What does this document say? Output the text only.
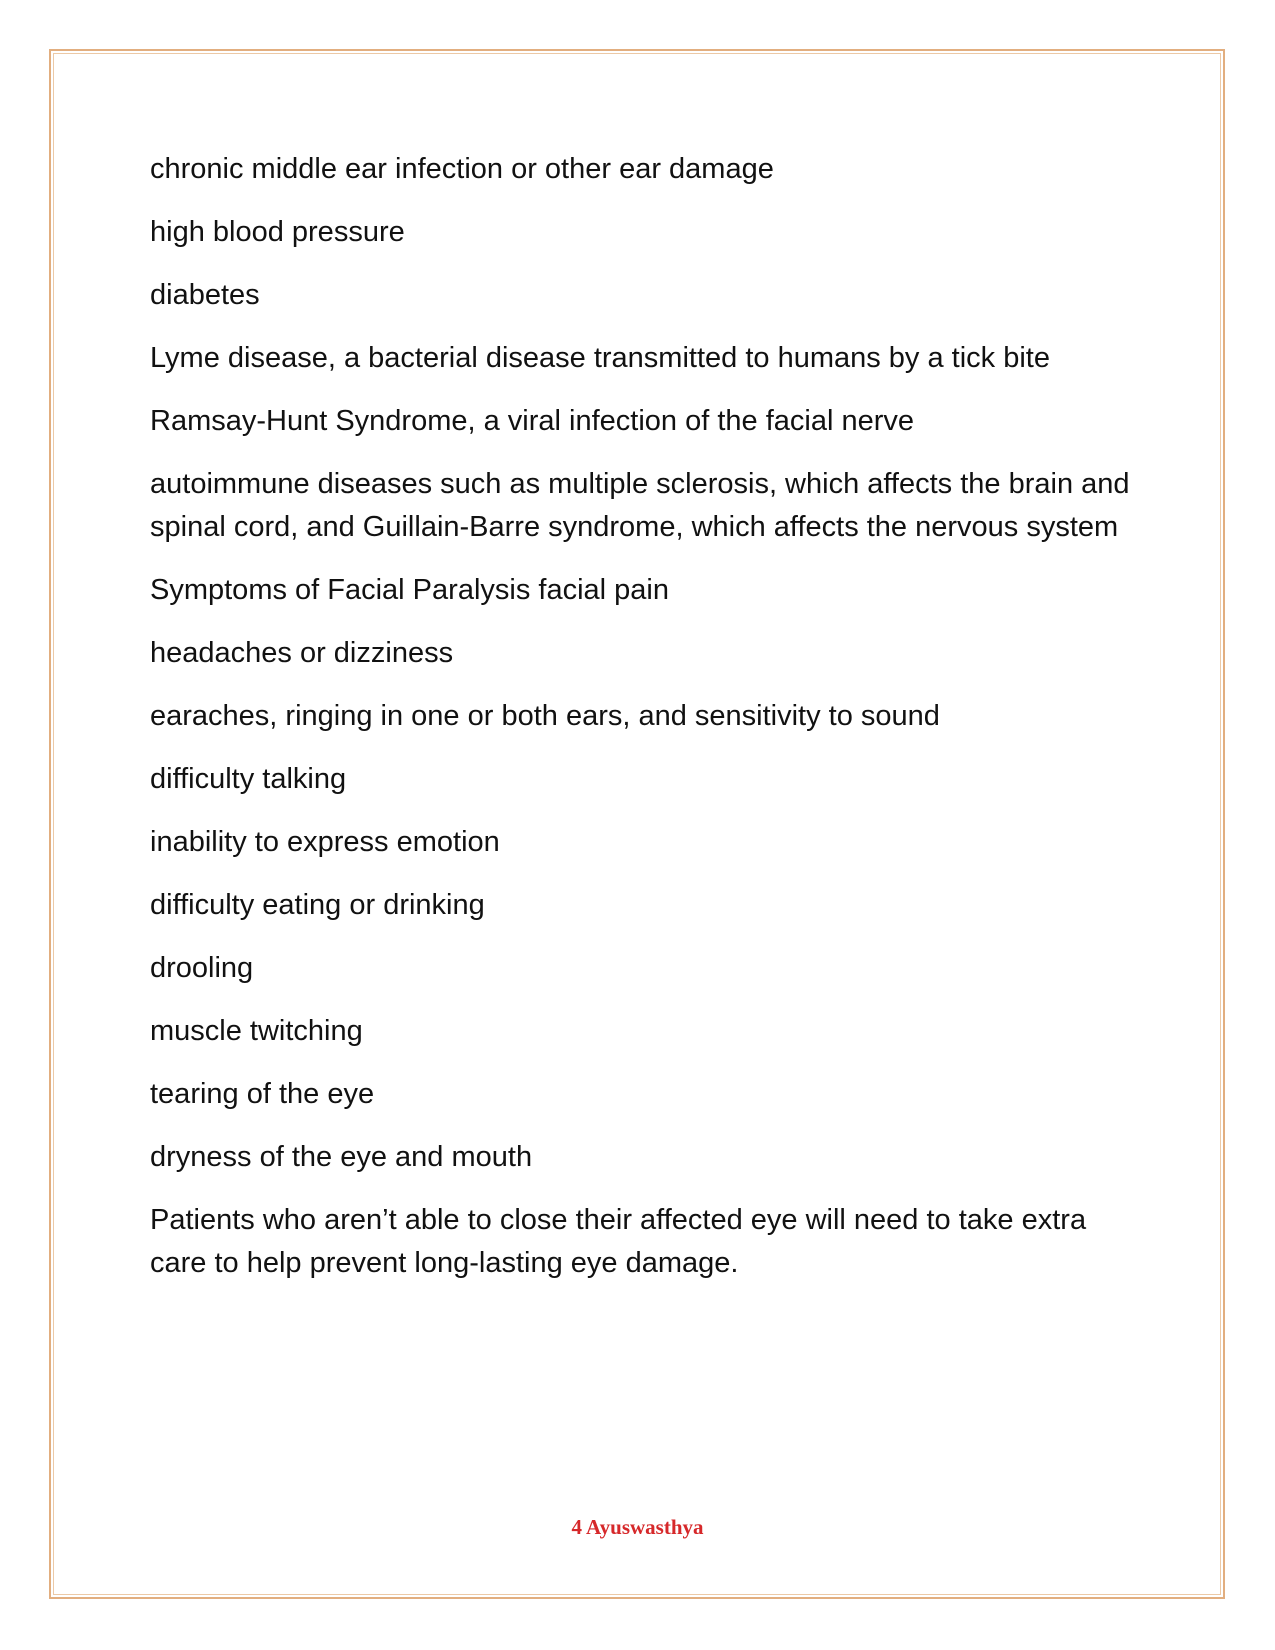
chronic middle ear infection or other ear damage

high blood pressure

diabetes

Lyme disease, a bacterial disease transmitted to humans by a tick bite

Ramsay-Hunt Syndrome, a viral infection of the facial nerve

autoimmune diseases such as multiple sclerosis, which affects the brain and spinal cord, and Guillain-Barre syndrome, which affects the nervous system

Symptoms of Facial Paralysis facial pain

headaches or dizziness

earaches, ringing in one or both ears, and sensitivity to sound

difficulty talking

inability to express emotion

difficulty eating or drinking

drooling

muscle twitching

tearing of the eye

dryness of the eye and mouth

Patients who aren’t able to close their affected eye will need to take extra care to help prevent long-lasting eye damage.

4 Ayuswasthya
